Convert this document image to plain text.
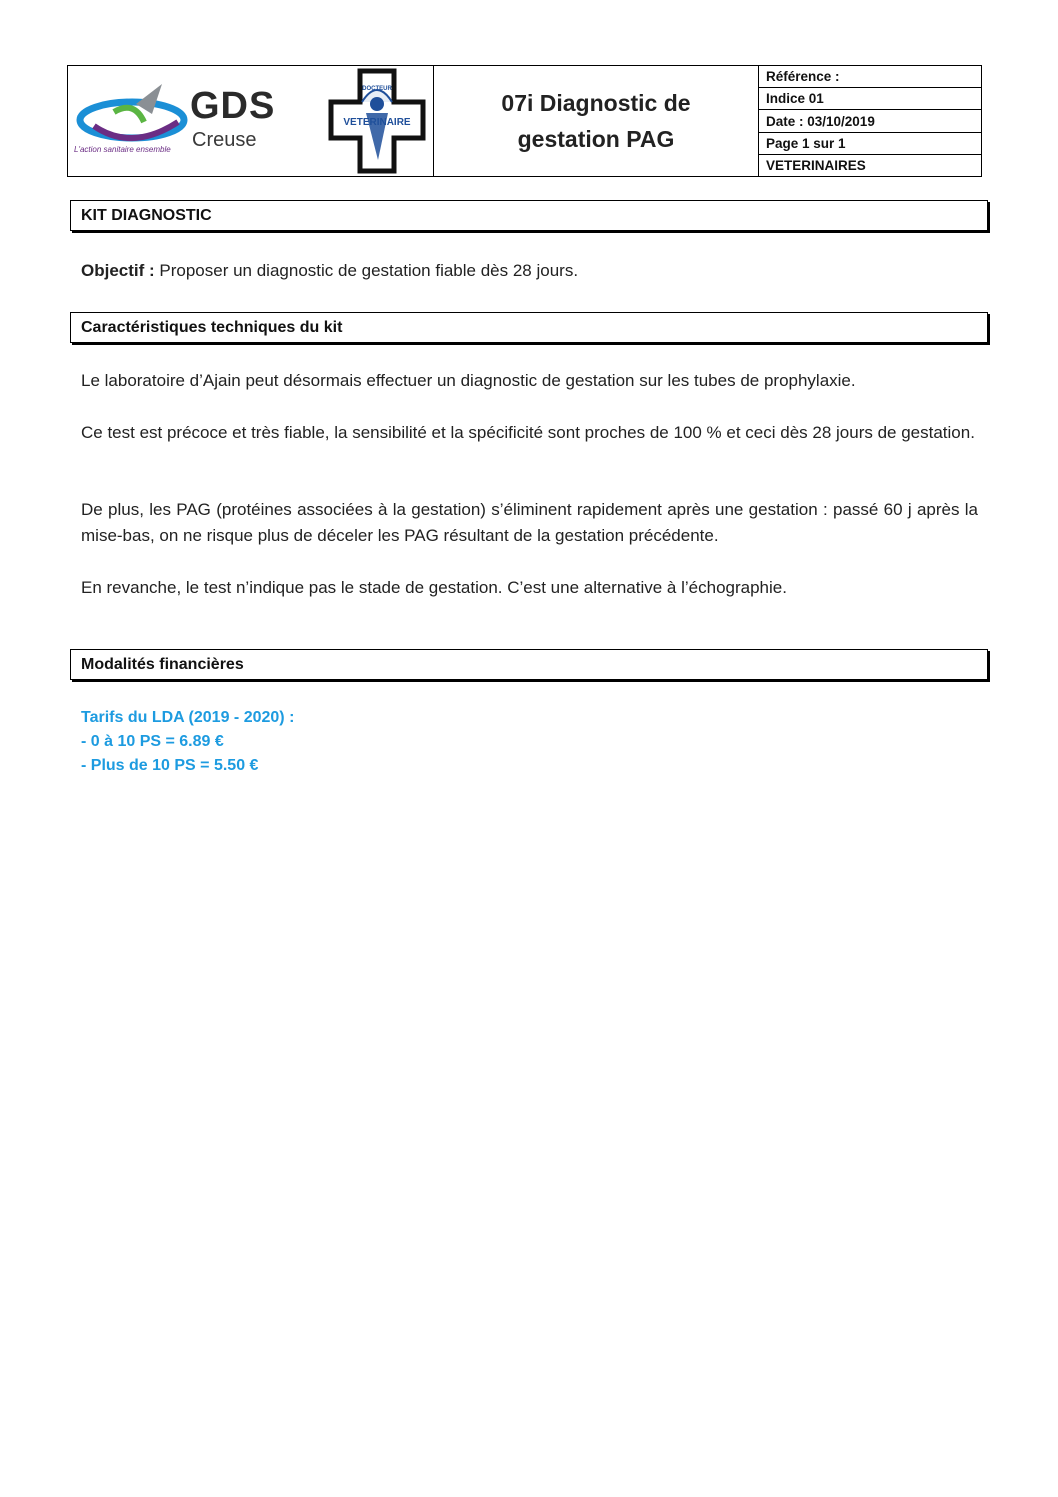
GDS
Creuse
L'action sanitaire ensemble
DOCTEUR
VETERINAIRE
07i Diagnostic de
gestation PAG
Référence :
Indice 01
Date : 03/10/2019
Page 1 sur 1
VETERINAIRES
KIT DIAGNOSTIC
Objectif : Proposer un diagnostic de gestation fiable dès 28 jours.
Caractéristiques techniques du kit
Le laboratoire d’Ajain peut désormais effectuer un diagnostic de gestation sur les tubes de prophylaxie.
Ce test est précoce et très fiable, la sensibilité et la spécificité sont proches de 100 % et ceci dès 28 jours de gestation.
De plus, les PAG (protéines associées à la gestation) s’éliminent rapidement après une gestation : passé 60 j après la mise-bas, on ne risque plus de déceler les PAG résultant de la gestation précédente.
En revanche, le test n’indique pas le stade de gestation. C’est une alternative à l’échographie.
Modalités financières
Tarifs du LDA (2019 - 2020) :
- 0 à 10 PS = 6.89 €
- Plus de 10 PS = 5.50 €
